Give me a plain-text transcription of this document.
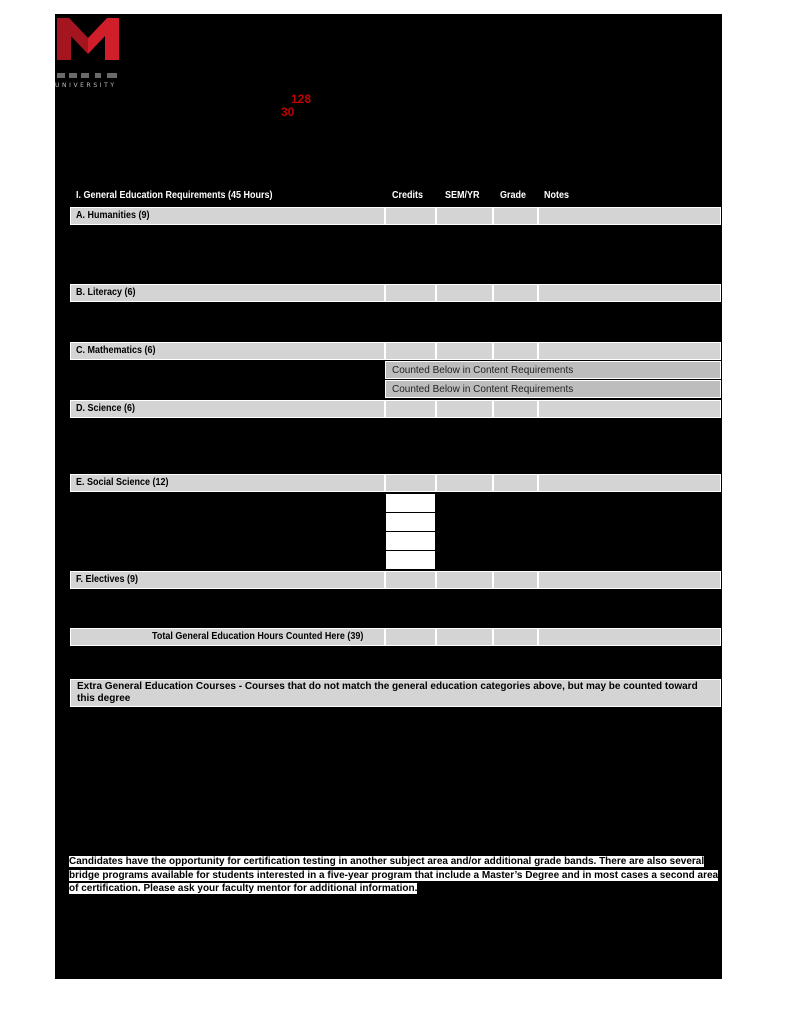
UNIVERSITY
128
30
I. General Education Requirements (45 Hours)	Credits SEM/YR Grade Notes
A. Humanities (9)
B. Literacy (6)
C. Mathematics (6)
Counted Below in Content Requirements
Counted Below in Content Requirements
D. Science (6)
E. Social Science (12)
F. Electives (9)
Total General Education Hours Counted Here (39)
Extra General Education Courses - Courses that do not match the general education categories above, but may be counted toward this degree
Candidates have the opportunity for certification testing in another subject area and/or additional grade bands. There are also several bridge programs available for students interested in a five-year program that include a Master’s Degree and in most cases a second area of certification. Please ask your faculty mentor for additional information.
